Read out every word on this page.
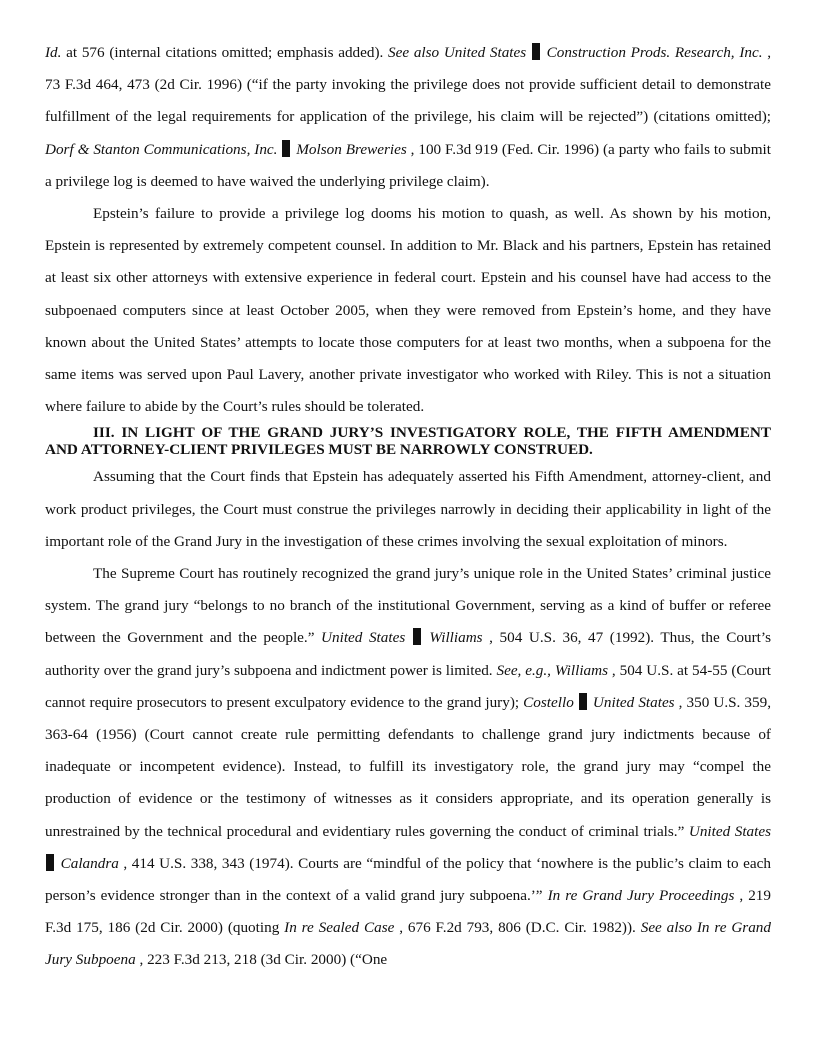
Id. at 576 (internal citations omitted; emphasis added). See also United States Construction Prods. Research, Inc. , 73 F.3d 464, 473 (2d Cir. 1996) (“if the party invoking the privilege does not provide sufficient detail to demonstrate fulfillment of the legal requirements for application of the privilege, his claim will be rejected”) (citations omitted); Dorf & Stanton Communications, Inc. Molson Breweries , 100 F.3d 919 (Fed. Cir. 1996) (a party who fails to submit a privilege log is deemed to have waived the underlying privilege claim).

Epstein’s failure to provide a privilege log dooms his motion to quash, as well. As shown by his motion, Epstein is represented by extremely competent counsel. In addition to Mr. Black and his partners, Epstein has retained at least six other attorneys with extensive experience in federal court. Epstein and his counsel have had access to the subpoenaed computers since at least October 2005, when they were removed from Epstein’s home, and they have known about the United States’ attempts to locate those computers for at least two months, when a subpoena for the same items was served upon Paul Lavery, another private investigator who worked with Riley. This is not a situation where failure to abide by the Court’s rules should be tolerated.

III. IN LIGHT OF THE GRAND JURY’S INVESTIGATORY ROLE, THE FIFTH AMENDMENT AND ATTORNEY-CLIENT PRIVILEGES MUST BE NARROWLY CONSTRUED.

Assuming that the Court finds that Epstein has adequately asserted his Fifth Amendment, attorney-client, and work product privileges, the Court must construe the privileges narrowly in deciding their applicability in light of the important role of the Grand Jury in the investigation of these crimes involving the sexual exploitation of minors.

The Supreme Court has routinely recognized the grand jury’s unique role in the United States’ criminal justice system. The grand jury “belongs to no branch of the institutional Government, serving as a kind of buffer or referee between the Government and the people.” United States Williams , 504 U.S. 36, 47 (1992). Thus, the Court’s authority over the grand jury’s subpoena and indictment power is limited. See, e.g., Williams , 504 U.S. at 54-55 (Court cannot require prosecutors to present exculpatory evidence to the grand jury); Costello United States , 350 U.S. 359, 363-64 (1956) (Court cannot create rule permitting defendants to challenge grand jury indictments because of inadequate or incompetent evidence). Instead, to fulfill its investigatory role, the grand jury may “compel the production of evidence or the testimony of witnesses as it considers appropriate, and its operation generally is unrestrained by the technical procedural and evidentiary rules governing the conduct of criminal trials.” United States  Calandra , 414 U.S. 338, 343 (1974). Courts are “mindful of the policy that ‘nowhere is the public’s claim to each person’s evidence stronger than in the context of a valid grand jury subpoena.’” In re Grand Jury Proceedings , 219 F.3d 175, 186 (2d Cir. 2000) (quoting In re Sealed Case , 676 F.2d 793, 806 (D.C. Cir. 1982)). See also In re Grand Jury Subpoena , 223 F.3d 213, 218 (3d Cir. 2000) (“One
